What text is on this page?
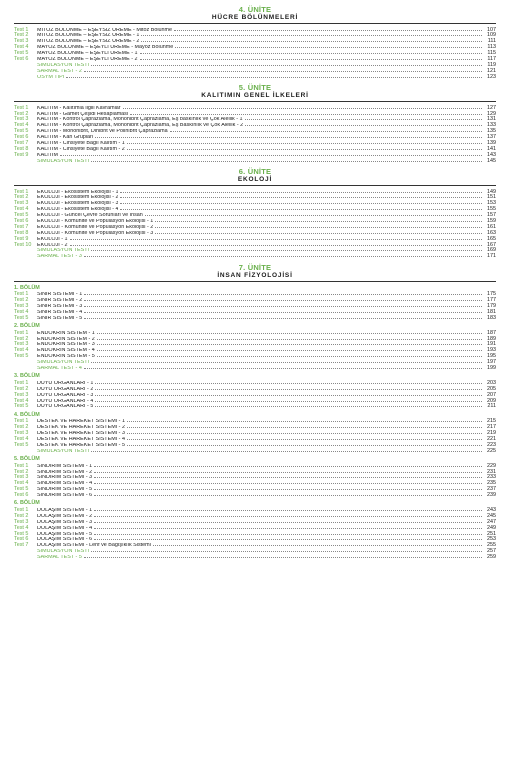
4. ÜNİTE
HÜCRE BÖLÜNMELERİ
Test 1	MİTOZ BÖLÜNME – EŞEYSİZ ÜREME - Mitoz Bölünme	107
Test 2	MİTOZ BÖLÜNME – EŞEYSİZ ÜREME - 1	109
Test 3	MİTOZ BÖLÜNME – EŞEYSİZ ÜREME - 2	111
Test 4	MAYOZ BÖLÜNME – EŞEYLİ ÜREME - Mayoz Bölünme	113
Test 5	MAYOZ BÖLÜNME – EŞEYLİ ÜREME - 1	115
Test 6	MAYOZ BÖLÜNME – EŞEYLİ ÜREME - 2	117
SİMÜLASYON TESTİ	119
SARMAL TEST - 2	121
ÖSYM TİPİ	123
5. ÜNİTE
KALITIMIN GENEL İLKELERİ
Test 1	KALITIM - Kalıtımla İlgili Kavramlar	127
Test 2	KALITIM - Gamet Çeşidi Hesaplaması	129
Test 3	KALITIM - Kontrol Çaprazlama, Monohibrit Çaprazlama, Eş baskınlık ve Çok Alellik - 1	131
Test 4	KALITIM - Kontrol Çaprazlama, Monohibrit Çaprazlama, Eş Baskınlık ve Çok Alellik - 2	133
Test 5	KALITIM - Monohibrit, Dihibrit ve Polihibrit Çaprazlama	135
Test 6	KALITIM - Kan Grupları	137
Test 7	KALITIM - Cinsiyete Bağlı Kalıtım - 1	139
Test 8	KALITIM - Cinsiyete Bağlı Kalıtım - 2	141
Test 9	KALITIM	143
SİMÜLASYON TESTİ	145
6. ÜNİTE
EKOLOJİ
Test 1	EKOLOJİ - Ekosistem Ekolojisi - 1	149
Test 2	EKOLOJİ - Ekosistem Ekolojisi - 2	151
Test 3	EKOLOJİ - Ekosistem Ekolojisi - 3	153
Test 4	EKOLOJİ - Ekosistem Ekolojisi - 4	155
Test 5	EKOLOJİ - Güncel Çevre Sorunları ve İnsan	157
Test 6	EKOLOJİ - Komünite ve Popülasyon Ekolojisi - 1	159
Test 7	EKOLOJİ - Komünite ve Popülasyon Ekolojisi - 2	161
Test 8	EKOLOJİ - Komünite ve Popülasyon Ekolojisi - 3	163
Test 9	EKOLOJİ - 1	165
Test 10	EKOLOJİ - 2	167
SİMÜLASYON TESTİ	169
SARMAL TEST - 3	171
7. ÜNİTE
İNSAN FİZYOLOJİSİ
1. BÖLÜM
Test 1	SİNİR SİSTEMİ - 1	175
Test 2	SİNİR SİSTEMİ - 2	177
Test 3	SİNİR SİSTEMİ - 3	179
Test 4	SİNİR SİSTEMİ - 4	181
Test 5	SİNİR SİSTEMİ - 5	183
2. BÖLÜM
Test 1	ENDOKRİN SİSTEM - 1	187
Test 2	ENDOKRİN SİSTEM - 2	189
Test 3	ENDOKRİN SİSTEM - 3	191
Test 4	ENDOKRİN SİSTEM - 4	193
Test 5	ENDOKRİN SİSTEM - 5	195
SİMÜLASYON TESTİ	197
SARMAL TEST - 4	199
3. BÖLÜM
Test 1	DUYU ORGANLARI - 1	203
Test 2	DUYU ORGANLARI - 2	205
Test 3	DUYU ORGANLARI - 3	207
Test 4	DUYU ORGANLARI - 4	209
Test 5	DUYU ORGANLARI - 5	211
4. BÖLÜM
Test 1	DESTEK VE HAREKET SİSTEMİ - 1	215
Test 2	DESTEK VE HAREKET SİSTEMİ - 2	217
Test 3	DESTEK VE HAREKET SİSTEMİ - 3	219
Test 4	DESTEK VE HAREKET SİSTEMİ - 4	221
Test 5	DESTEK VE HAREKET SİSTEMİ - 5	223
SİMÜLASYON TESTİ	225
5. BÖLÜM
Test 1	SİNDİRİM SİSTEMİ - 1	229
Test 2	SİNDİRİM SİSTEMİ - 2	231
Test 3	SİNDİRİM SİSTEMİ - 3	233
Test 4	SİNDİRİM SİSTEMİ - 4	235
Test 5	SİNDİRİM SİSTEMİ - 5	237
Test 6	SİNDİRİM SİSTEMİ - 6	239
6. BÖLÜM
Test 1	DOLAŞIM SİSTEMİ - 1	243
Test 2	DOLAŞIM SİSTEMİ - 2	245
Test 3	DOLAŞIM SİSTEMİ - 3	247
Test 4	DOLAŞIM SİSTEMİ - 4	249
Test 5	DOLAŞIM SİSTEMİ - 5	251
Test 6	DOLAŞIM SİSTEMİ - 6	253
Test 7	DOLAŞIM SİSTEMİ - Lenf ve Bağışıklık Sistemi	255
SİMÜLASYON TESTİ	257
SARMAL TEST - 5	259
